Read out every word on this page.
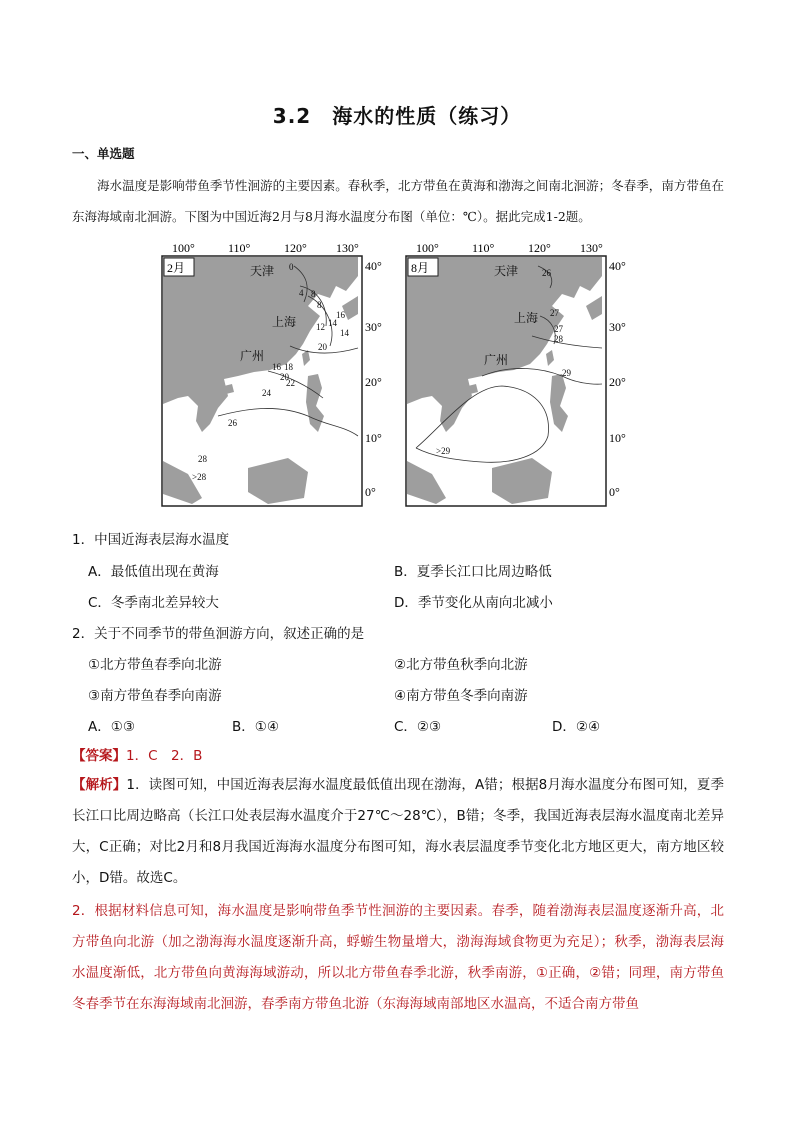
3.2　海水的性质（练习）
一、单选题
海水温度是影响带鱼季节性洄游的主要因素。春秋季，北方带鱼在黄海和渤海之间南北洄游；冬春季，南方带鱼在东海海域南北洄游。下图为中国近海2月与8月海水温度分布图（单位：℃）。据此完成1-2题。
100°	110°	120° 130°
40°
30°
20°
10°
0°
0
4 8
8
12 14
16
14
20
16 18
20
22
24
26
28
>28
2月	天津
上海
广州
100°	110°	120° 130°
40°
30°
20°
10°
0°
26
27
27
28
29
>29
8月	天津
上海
广州
1．中国近海表层海水温度
A．最低值出现在黄海	B．夏季长江口比周边略低
C．冬季南北差异较大	D．季节变化从南向北减小
2．关于不同季节的带鱼洄游方向，叙述正确的是
①北方带鱼春季向北游	②北方带鱼秋季向北游
③南方带鱼春季向南游	④南方带鱼冬季向南游
A．①③	B．①④	C．②③	D．②④
【答案】1．C　2．B
【解析】1．读图可知，中国近海表层海水温度最低值出现在渤海，A错；根据8月海水温度分布图可知，夏季长江口比周边略高（长江口处表层海水温度介于27℃～28℃），B错；冬季，我国近海表层海水温度南北差异大，C正确；对比2月和8月我国近海海水温度分布图可知，海水表层温度季节变化北方地区更大，南方地区较小，D错。故选C。
2．根据材料信息可知，海水温度是影响带鱼季节性洄游的主要因素。春季，随着渤海表层温度逐渐升高，北方带鱼向北游（加之渤海海水温度逐渐升高，蜉蝣生物量增大，渤海海域食物更为充足）；秋季，渤海表层海水温度渐低，北方带鱼向黄海海域游动，所以北方带鱼春季北游，秋季南游，①正确，②错；同理，南方带鱼冬春季节在东海海域南北洄游，春季南方带鱼北游（东海海域南部地区水温高，不适合南方带鱼
